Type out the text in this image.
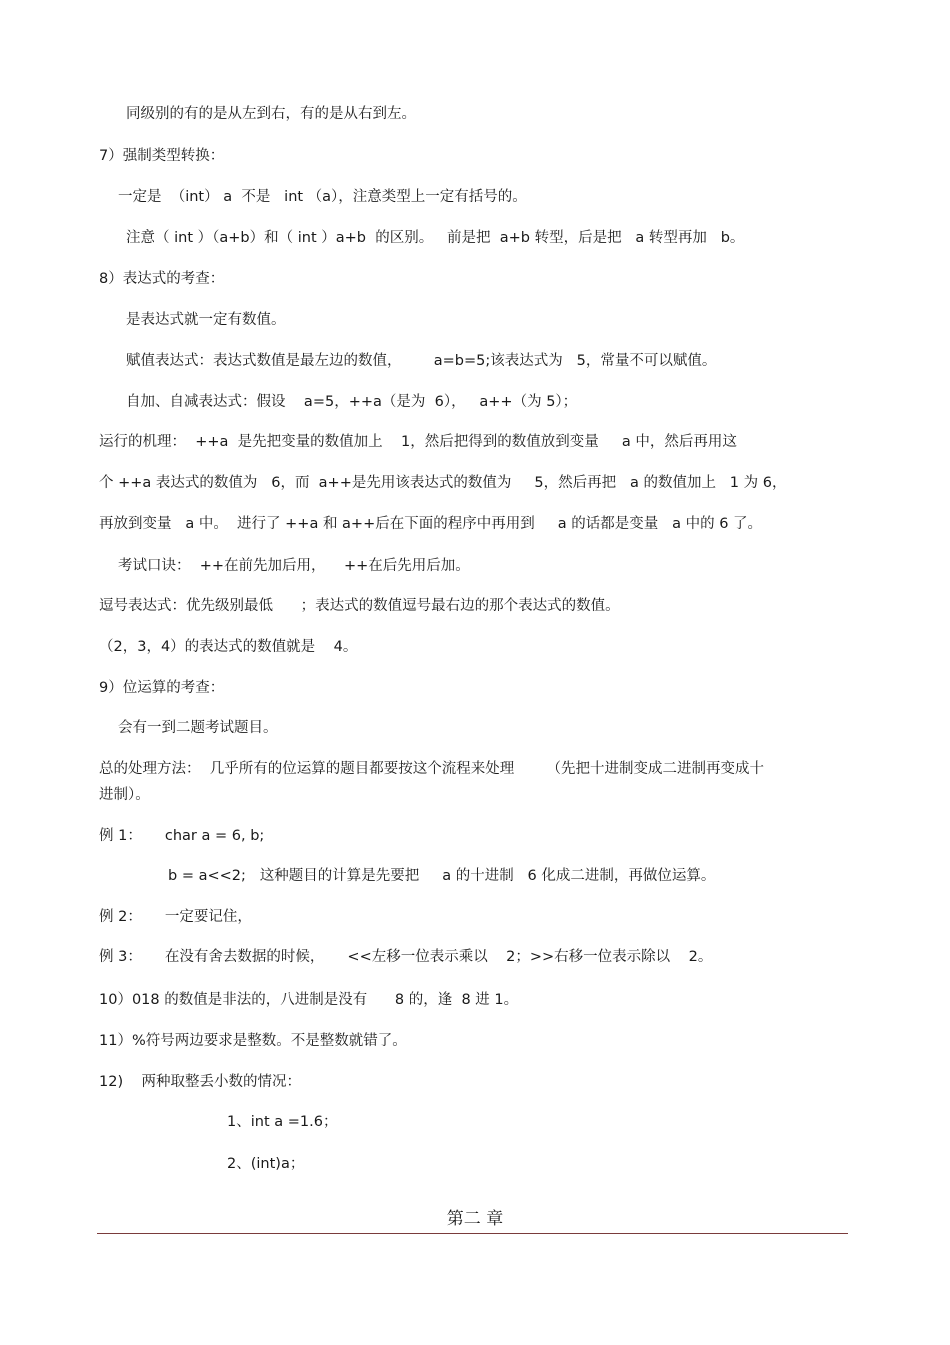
同级别的有的是从左到右，有的是从右到左。
7）强制类型转换：
一定是  （int） a  不是   int （a），注意类型上一定有括号的。
注意（ int ）（a+b）和（ int ）a+b  的区别。   前是把  a+b 转型，后是把   a 转型再加   b。
8）表达式的考查：
是表达式就一定有数值。
赋值表达式：表达式数值是最左边的数值，       a=b=5;该表达式为   5，常量不可以赋值。
自加、自减表达式：假设    a=5，++a（是为  6），   a++（为 5）；
运行的机理：  ++a  是先把变量的数值加上    1，然后把得到的数值放到变量     a 中，然后再用这
个 ++a 表达式的数值为   6，而  a++是先用该表达式的数值为     5，然后再把   a 的数值加上   1 为 6，
再放到变量   a 中。  进行了 ++a 和 a++后在下面的程序中再用到     a 的话都是变量   a 中的 6 了。
考试口诀：  ++在前先加后用，    ++在后先用后加。
逗号表达式：优先级别最低      ；表达式的数值逗号最右边的那个表达式的数值。
（2，3，4）的表达式的数值就是    4。
9）位运算的考查：
会有一到二题考试题目。
总的处理方法：  几乎所有的位运算的题目都要按这个流程来处理       （先把十进制变成二进制再变成十
进制）。
例 1：     char a = 6, b;
b = a<<2;   这种题目的计算是先要把     a 的十进制   6 化成二进制，再做位运算。
例 2：     一定要记住，
例 3：     在没有舍去数据的时候，     <<左移一位表示乘以    2；>>右移一位表示除以    2。
10）018 的数值是非法的，八进制是没有      8 的，逢  8 进 1。
11）%符号两边要求是整数。不是整数就错了。
12)    两种取整丢小数的情况：
1、int a =1.6；
2、(int)a；
第二 章
